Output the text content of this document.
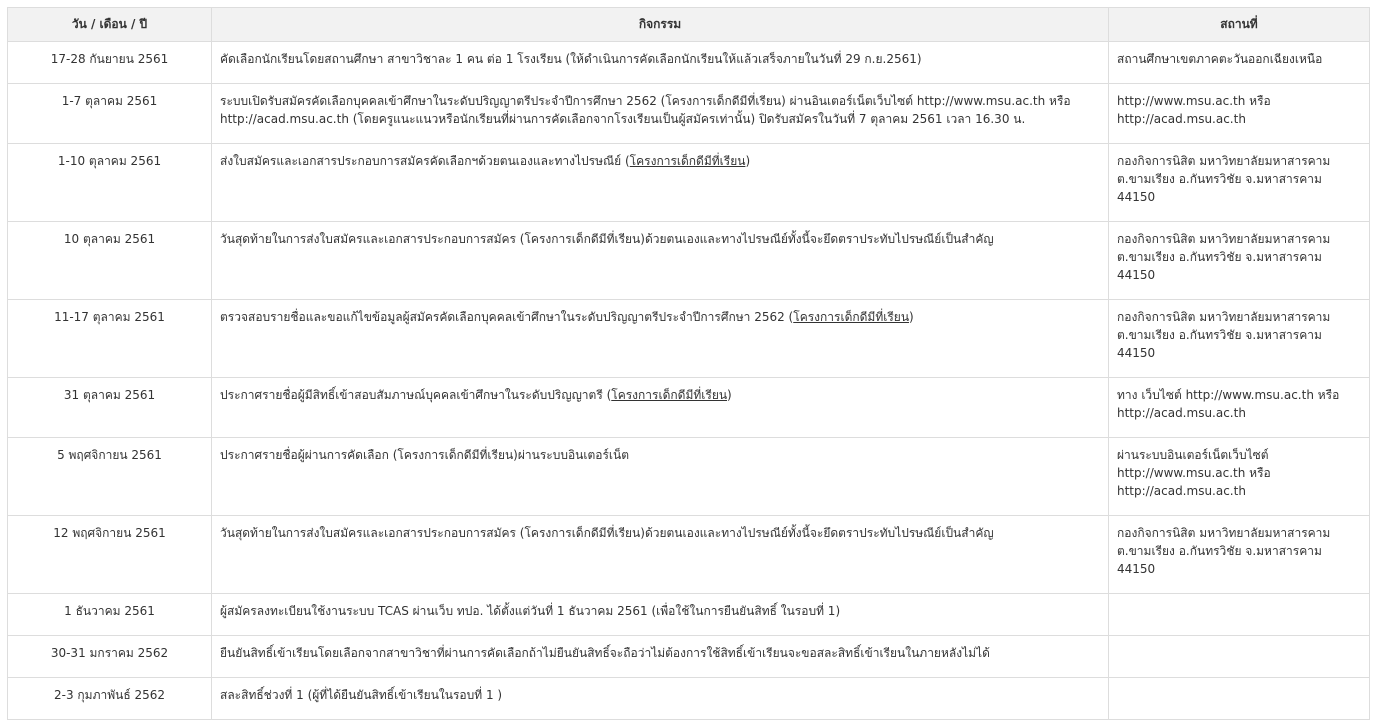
วัน / เดือน / ปี	กิจกรรม	สถานที่
17-28 กันยายน 2561	คัดเลือกนักเรียนโดยสถานศึกษา สาขาวิชาละ 1 คน ต่อ 1 โรงเรียน (ให้ดำเนินการคัดเลือกนักเรียนให้แล้วเสร็จภายในวันที่ 29 ก.ย.2561)	สถานศึกษาเขตภาคตะวันออกเฉียงเหนือ
1-7 ตุลาคม 2561	ระบบเปิดรับสมัครคัดเลือกบุคคลเข้าศึกษาในระดับปริญญาตรีประจำปีการศึกษา 2562 (โครงการเด็กดีมีที่เรียน) ผ่านอินเตอร์เน็ตเว็บไซต์ http://www.msu.ac.th หรือ http://acad.msu.ac.th (โดยครูแนะแนวหรือนักเรียนที่ผ่านการคัดเลือกจากโรงเรียนเป็นผู้สมัครเท่านั้น) ปิดรับสมัครในวันที่ 7 ตุลาคม 2561 เวลา 16.30 น.	http://www.msu.ac.th หรือ http://acad.msu.ac.th
1-10 ตุลาคม 2561	ส่งใบสมัครและเอกสารประกอบการสมัครคัดเลือกฯด้วยตนเองและทางไปรษณีย์ (โครงการเด็กดีมีที่เรียน)	กองกิจการนิสิต มหาวิทยาลัยมหาสารคาม ต.ขามเรียง อ.กันทรวิชัย จ.มหาสารคาม 44150
10 ตุลาคม 2561	วันสุดท้ายในการส่งใบสมัครและเอกสารประกอบการสมัคร (โครงการเด็กดีมีที่เรียน)ด้วยตนเองและทางไปรษณีย์ทั้งนี้จะยึดตราประทับไปรษณีย์เป็นสำคัญ	กองกิจการนิสิต มหาวิทยาลัยมหาสารคาม ต.ขามเรียง อ.กันทรวิชัย จ.มหาสารคาม 44150
11-17 ตุลาคม 2561	ตรวจสอบรายชื่อและขอแก้ไขข้อมูลผู้สมัครคัดเลือกบุคคลเข้าศึกษาในระดับปริญญาตรีประจำปีการศึกษา 2562 (โครงการเด็กดีมีที่เรียน)	กองกิจการนิสิต มหาวิทยาลัยมหาสารคาม ต.ขามเรียง อ.กันทรวิชัย จ.มหาสารคาม 44150
31 ตุลาคม 2561	ประกาศรายชื่อผู้มีสิทธิ์เข้าสอบสัมภาษณ์บุคคลเข้าศึกษาในระดับปริญญาตรี (โครงการเด็กดีมีที่เรียน)	ทาง เว็บไซต์ http://www.msu.ac.th หรือ http://acad.msu.ac.th
5 พฤศจิกายน 2561	ประกาศรายชื่อผู้ผ่านการคัดเลือก (โครงการเด็กดีมีที่เรียน)ผ่านระบบอินเตอร์เน็ต	ผ่านระบบอินเตอร์เน็ตเว็บไซต์ http://www.msu.ac.th หรือ http://acad.msu.ac.th
12 พฤศจิกายน 2561	วันสุดท้ายในการส่งใบสมัครและเอกสารประกอบการสมัคร (โครงการเด็กดีมีที่เรียน)ด้วยตนเองและทางไปรษณีย์ทั้งนี้จะยึดตราประทับไปรษณีย์เป็นสำคัญ	กองกิจการนิสิต มหาวิทยาลัยมหาสารคาม ต.ขามเรียง อ.กันทรวิชัย จ.มหาสารคาม 44150
1 ธันวาคม 2561	ผู้สมัครลงทะเบียนใช้งานระบบ TCAS ผ่านเว็บ ทปอ. ได้ตั้งแต่วันที่ 1 ธันวาคม 2561 (เพื่อใช้ในการยืนยันสิทธิ์ ในรอบที่ 1)	
30-31 มกราคม 2562	ยืนยันสิทธิ์เข้าเรียนโดยเลือกจากสาขาวิชาที่ผ่านการคัดเลือกถ้าไม่ยืนยันสิทธิ์จะถือว่าไม่ต้องการใช้สิทธิ์เข้าเรียนจะขอสละสิทธิ์เข้าเรียนในภายหลังไม่ได้	
2-3 กุมภาพันธ์ 2562	สละสิทธิ์ช่วงที่ 1 (ผู้ที่ได้ยืนยันสิทธิ์เข้าเรียนในรอบที่ 1 )	
